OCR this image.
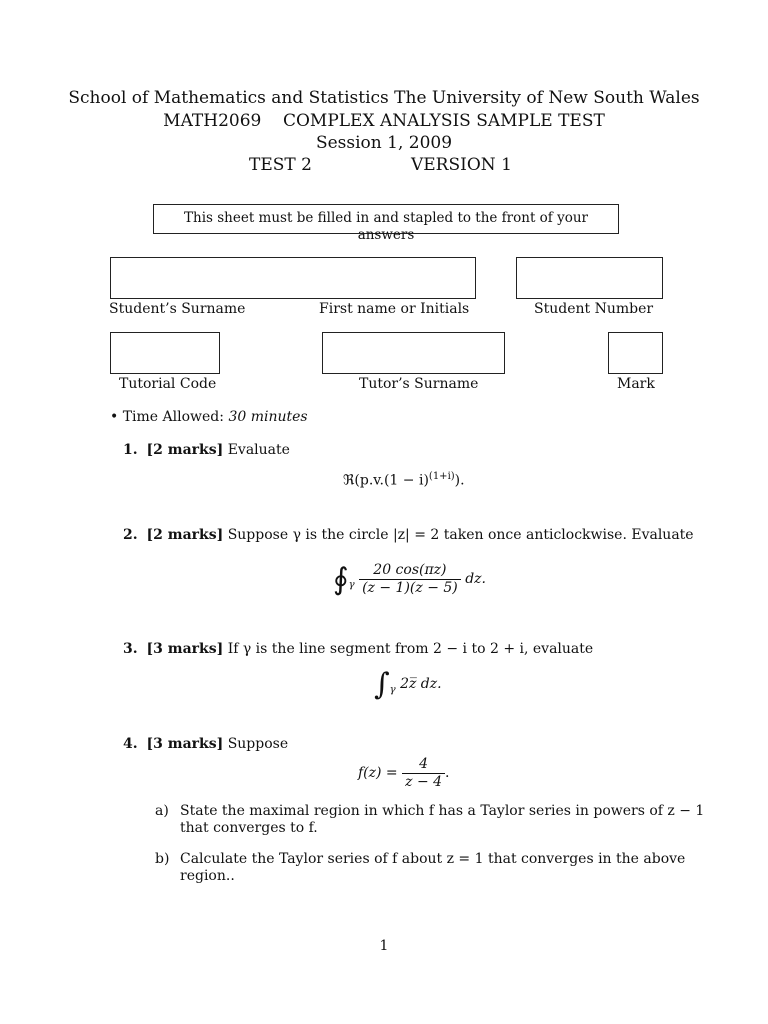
School of Mathematics and Statistics The University of New South Wales
MATH2069 COMPLEX ANALYSIS SAMPLE TEST
Session 1, 2009
TEST 2	VERSION 1
This sheet must be filled in and stapled to the front of your answers
Student’s Surname	First name or Initials	Student Number
Tutorial Code	Tutor’s Surname	Mark
• Time Allowed: 30 minutes
1. [2 marks] Evaluate
ℜ(p.v.(1 − i)$^{(1+i)}$).
2. [2 marks] Suppose γ is the circle |z| = 2 taken once anticlockwise. Evaluate
$∮_\gamma \frac{20 \cos(\pi z)}{(z - 1)(z - 5)}$ dz.
3. [3 marks] If γ is the line segment from 2 − i to 2 + i, evaluate
$\int_\gamma$ 2z̅ dz.
4. [3 marks] Suppose
$f(z) = \frac{4}{z - 4}$ .
a) State the maximal region in which f has a Taylor series in powers of z − 1
that converges to f.
b) Calculate the Taylor series of f about z = 1 that converges in the above
region..
1
